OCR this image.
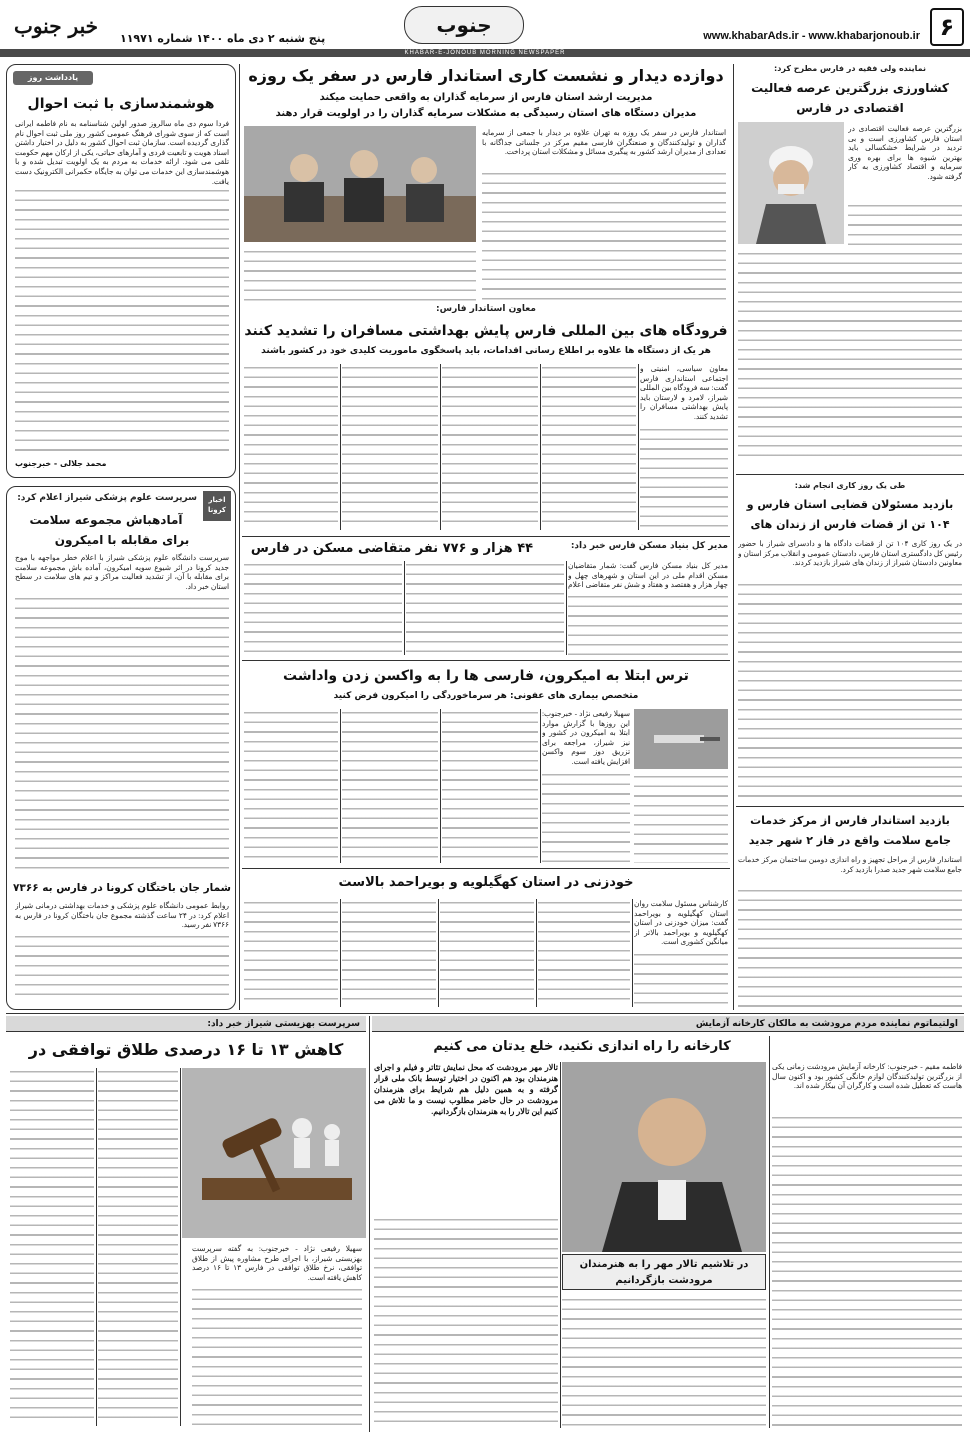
۶
www.khabarAds.ir - www.khabarjonoub.ir
جنوب
پنج شنبه ۲ دی ماه ۱۴۰۰ شماره ۱۱۹۷۱
خبر جنوب
KHABAR-E-JONOUB MORNING NEWSPAPER
یادداشت روز
هوشمندسازی با ثبت احوال
فردا سوم دی ماه سالروز صدور اولین شناسنامه به نام فاطمه ایرانی است که از سوی شورای فرهنگ عمومی کشور روز ملی ثبت احوال نام گذاری گردیده است. سازمان ثبت احوال کشور به دلیل در اختیار داشتن اسناد هویت و تابعیت فردی و آمارهای حیاتی، یکی از ارکان مهم حکومت تلقی می شود. ارائه خدمات به مردم به یک اولویت تبدیل شده و با هوشمندسازی این خدمات می توان به جایگاه حکمرانی الکترونیک دست یافت.
محمد جلالی - خبرجنوب
اخبار کرونا
سرپرست علوم پزشکی شیراز اعلام کرد:
آمادهباش مجموعه سلامت
برای مقابله با امیکرون
سرپرست دانشگاه علوم پزشکی شیراز با اعلام خطر مواجهه با موج جدید کرونا در اثر شیوع سویه امیکرون، آماده باش مجموعه سلامت برای مقابله با آن، از تشدید فعالیت مراکز و تیم های سلامت در سطح استان خبر داد.
شمار جان باختگان کرونا در فارس به ۷۳۶۶
روابط عمومی دانشگاه علوم پزشکی و خدمات بهداشتی درمانی شیراز اعلام کرد: در ۲۴ ساعت گذشته مجموع جان باختگان کرونا در فارس به ۷۳۶۶ نفر رسید.
سرپرست بهزیستی شیراز خبر داد:
کاهش ۱۳ تا ۱۶ درصدی طلاق توافقی در
سهیلا رفیعی نژاد - خبرجنوب: به گفته سرپرست بهزیستی شیراز، با اجرای طرح مشاوره پیش از طلاق توافقی، نرخ طلاق توافقی در فارس ۱۳ تا ۱۶ درصد کاهش یافته است.
دوازده دیدار و نشست کاری استاندار فارس در سفر یک روزه
مدیریت ارشد استان فارس از سرمایه گذاران به واقعی حمایت میکند
مدیران دستگاه های استان رسیدگی به مشکلات سرمایه گذاران را در اولویت قرار دهند
استاندار فارس در سفر یک روزه به تهران علاوه بر دیدار با جمعی از سرمایه گذاران و تولیدکنندگان و صنعتگران فارسی مقیم مرکز در جلساتی جداگانه با تعدادی از مدیران ارشد کشور به پیگیری مسائل و مشکلات استان پرداخت.
معاون استاندار فارس:
فرودگاه های بین المللی فارس پایش بهداشتی مسافران را تشدید کنند
هر یک از دستگاه ها علاوه بر اطلاع رسانی اقدامات، باید پاسخگوی ماموریت کلیدی خود در کشور باشند
معاون سیاسی، امنیتی و اجتماعی استانداری فارس گفت: سه فرودگاه بین المللی شیراز، لامرد و لارستان باید پایش بهداشتی مسافران را تشدید کنند.
مدیر کل بنیاد مسکن فارس خبر داد:
۴۴ هزار و ۷۷۶ نفر متقاضی مسکن در فارس
مدیر کل بنیاد مسکن فارس گفت: شمار متقاضیان مسکن اقدام ملی در این استان و شهرهای چهل و چهار هزار و هفتصد و هفتاد و شش نفر متقاضی اعلام
ترس ابتلا به امیکرون، فارسی ها را به واکسن زدن واداشت
متخصص بیماری های عفونی: هر سرماخوردگی را امیکرون فرض کنید
سهیلا رفیعی نژاد - خبرجنوب: این روزها با گزارش موارد ابتلا به امیکرون در کشور و نیز شیراز، مراجعه برای تزریق دوز سوم واکسن افزایش یافته است.
خودزنی در استان کهگیلویه و بویراحمد بالاست
کارشناس مسئول سلامت روان استان کهگیلویه و بویراحمد گفت: میزان خودزنی در استان کهگیلویه و بویراحمد بالاتر از میانگین کشوری است.
نماینده ولی فقیه در فارس مطرح کرد:
کشاورزی بزرگترین عرصه فعالیت اقتصادی در فارس
بزرگترین عرصه فعالیت اقتصادی در استان فارس کشاورزی است و بی تردید در شرایط خشکسالی باید بهترین شیوه ها برای بهره وری سرمایه و اقتصاد کشاورزی به کار گرفته شود.
طی یک روز کاری انجام شد:
بازدید مسئولان قضایی استان فارس و ۱۰۴ تن از قضات فارس از زندان های
در یک روز کاری ۱۰۴ تن از قضات دادگاه ها و دادسرای شیراز با حضور رئیس کل دادگستری استان فارس، دادستان عمومی و انقلاب مرکز استان و معاونین دادستان شیراز از زندان های شیراز بازدید کردند.
بازدید استاندار فارس از مرکز خدمات جامع سلامت واقع در فاز ۲ شهر جدید
استاندار فارس از مراحل تجهیز و راه اندازی دومین ساختمان مرکز خدمات جامع سلامت شهر جدید صدرا بازدید کرد.
اولتیماتوم نماینده مردم مرودشت به مالکان کارخانه آزمایش
کارخانه را راه اندازی نکنید، خلع یدتان می کنیم
در تلاشیم تالار مهر را به هنرمندان
مرودشت بازگردانیم
تالار مهر مرودشت که محل نمایش تئاتر و فیلم و اجرای هنرمندان بود هم اکنون در اختیار توسط بانک ملی قرار گرفته و به همین دلیل هم شرایط برای هنرمندان مرودشت در حال حاضر مطلوب نیست و ما تلاش می کنیم این تالار را به هنرمندان بازگردانیم.
فاطمه مقیم - خبرجنوب: کارخانه آزمایش مرودشت زمانی یکی از بزرگترین تولیدکنندگان لوازم خانگی کشور بود و اکنون سال هاست که تعطیل شده است و کارگران آن بیکار شده اند.
